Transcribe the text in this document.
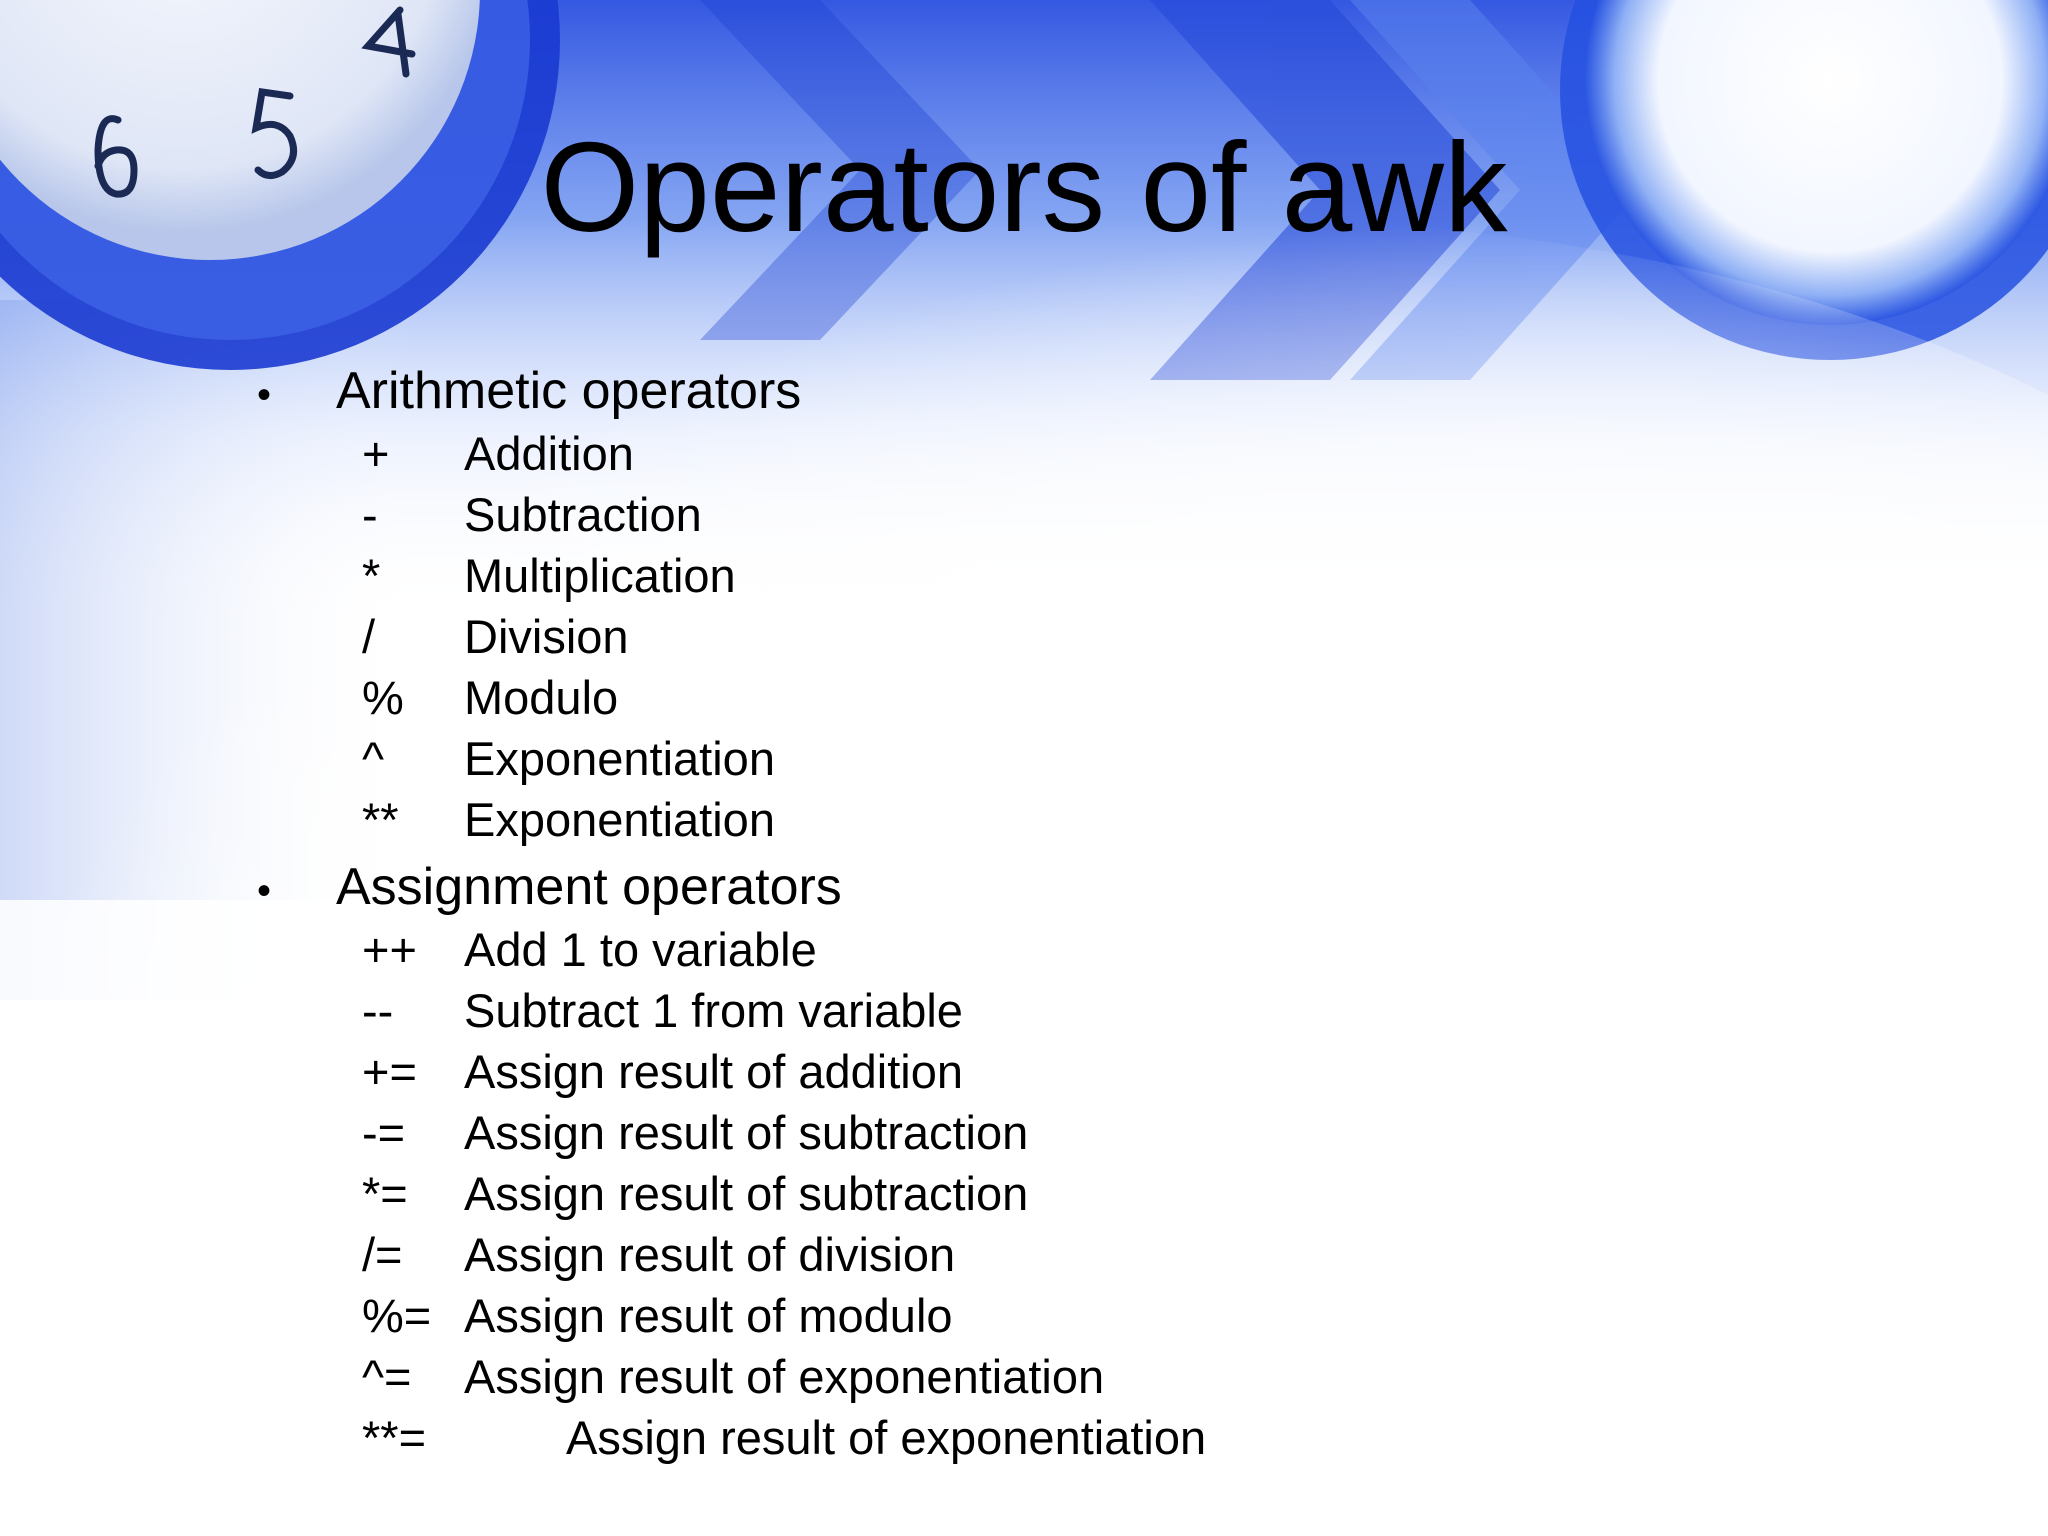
Operators of awk
• Arithmetic operators
+ Addition
- Subtraction
* Multiplication
/ Division
% Modulo
^ Exponentiation
** Exponentiation
• Assignment operators
++ Add 1 to variable
-- Subtract 1 from variable
+= Assign result of addition
-= Assign result of subtraction
*= Assign result of subtraction
/= Assign result of division
%= Assign result of modulo
^= Assign result of exponentiation
**=	Assign result of exponentiation
